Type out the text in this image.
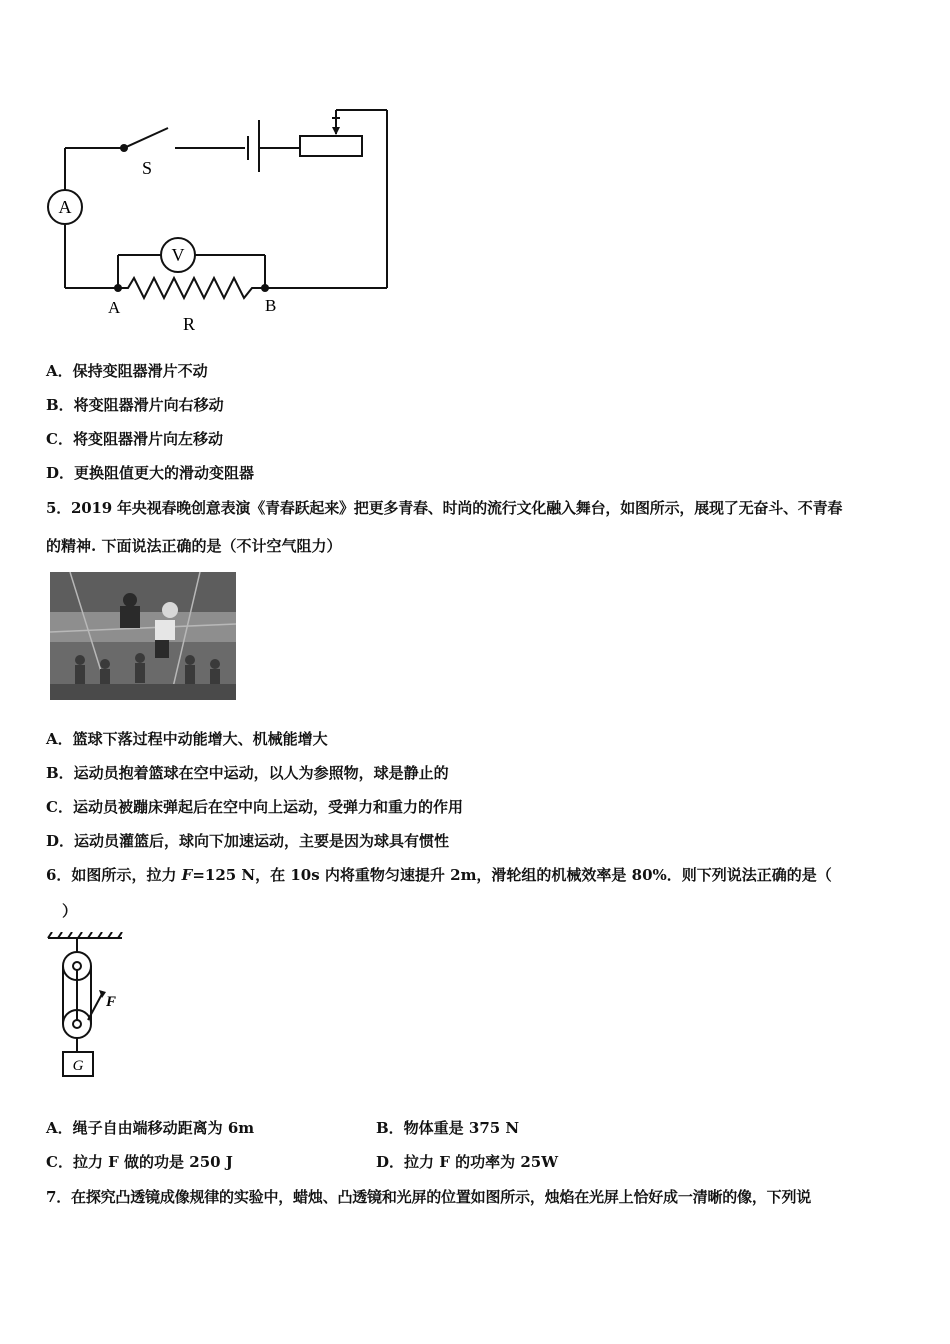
S
A
V
A	B
R
A．保持变阻器滑片不动
B．将变阻器滑片向右移动
C．将变阻器滑片向左移动
D．更换阻值更大的滑动变阻器
5．2019 年央视春晚创意表演《青春跃起来》把更多青春、时尚的流行文化融入舞台，如图所示，展现了无奋斗、不青春
的精神. 下面说法正确的是（不计空气阻力）
A．篮球下落过程中动能增大、机械能增大
B．运动员抱着篮球在空中运动，以人为参照物，球是静止的
C．运动员被蹦床弹起后在空中向上运动，受弹力和重力的作用
D．运动员灌篮后，球向下加速运动，主要是因为球具有惯性
6．如图所示，拉力 F=125 N，在 10s 内将重物匀速提升 2m，滑轮组的机械效率是 80%．则下列说法正确的是（
）
F
G
A．绳子自由端移动距离为 6m	B．物体重是 375 N
C．拉力 F 做的功是 250 J	D．拉力 F 的功率为 25W
7．在探究凸透镜成像规律的实验中，蜡烛、凸透镜和光屏的位置如图所示，烛焰在光屏上恰好成一清晰的像，下列说
